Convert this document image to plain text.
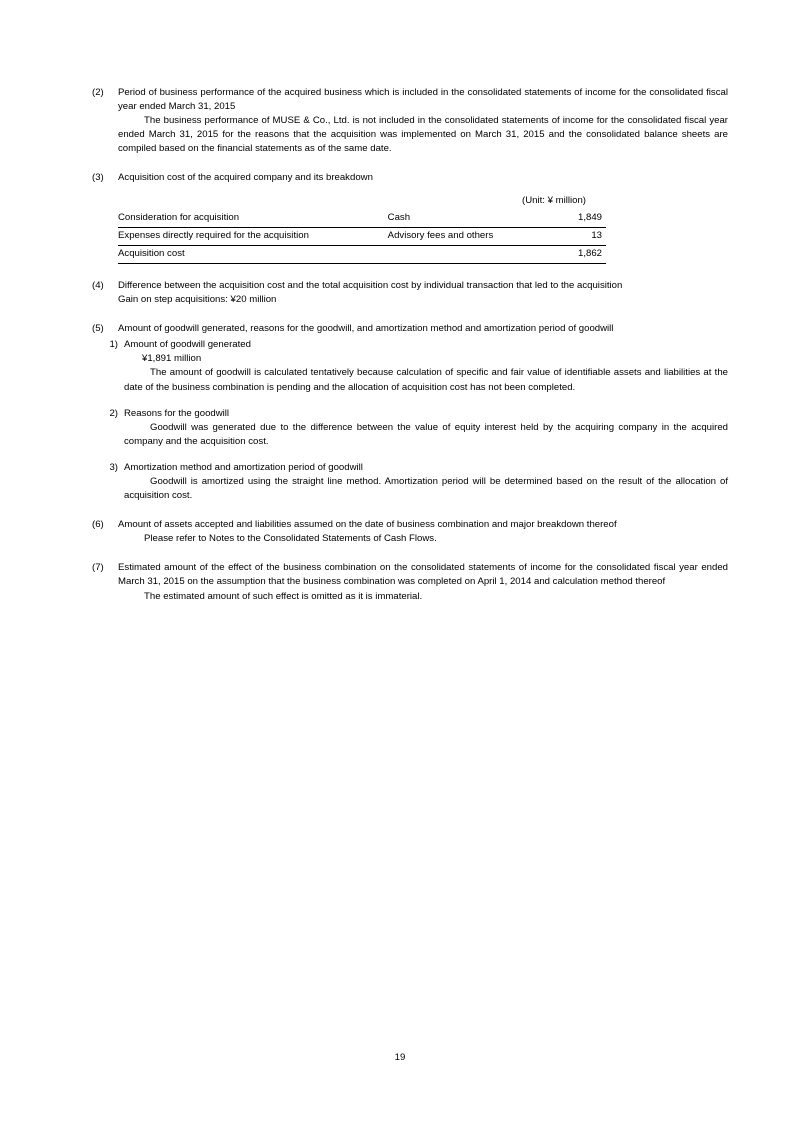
(2)	Period of business performance of the acquired business which is included in the consolidated statements of income for the consolidated fiscal year ended March 31, 2015
The business performance of MUSE & Co., Ltd. is not included in the consolidated statements of income for the consolidated fiscal year ended March 31, 2015 for the reasons that the acquisition was implemented on March 31, 2015 and the consolidated balance sheets are compiled based on the financial statements as of the same date.
(3)	Acquisition cost of the acquired company and its breakdown
(Unit: ¥ million)
Consideration for acquisition	Cash	1,849
Expenses directly required for the acquisition	Advisory fees and others	13
Acquisition cost		1,862
(4)	Difference between the acquisition cost and the total acquisition cost by individual transaction that led to the acquisition
Gain on step acquisitions: ¥20 million
(5)	Amount of goodwill generated, reasons for the goodwill, and amortization method and amortization period of goodwill
1) Amount of goodwill generated
¥1,891 million
The amount of goodwill is calculated tentatively because calculation of specific and fair value of identifiable assets and liabilities at the date of the business combination is pending and the allocation of acquisition cost has not been completed.
2) Reasons for the goodwill
Goodwill was generated due to the difference between the value of equity interest held by the acquiring company in the acquired company and the acquisition cost.
3) Amortization method and amortization period of goodwill
Goodwill is amortized using the straight line method. Amortization period will be determined based on the result of the allocation of acquisition cost.
(6)	Amount of assets accepted and liabilities assumed on the date of business combination and major breakdown thereof
Please refer to Notes to the Consolidated Statements of Cash Flows.
(7)	Estimated amount of the effect of the business combination on the consolidated statements of income for the consolidated fiscal year ended March 31, 2015 on the assumption that the business combination was completed on April 1, 2014 and calculation method thereof
The estimated amount of such effect is omitted as it is immaterial.
19
